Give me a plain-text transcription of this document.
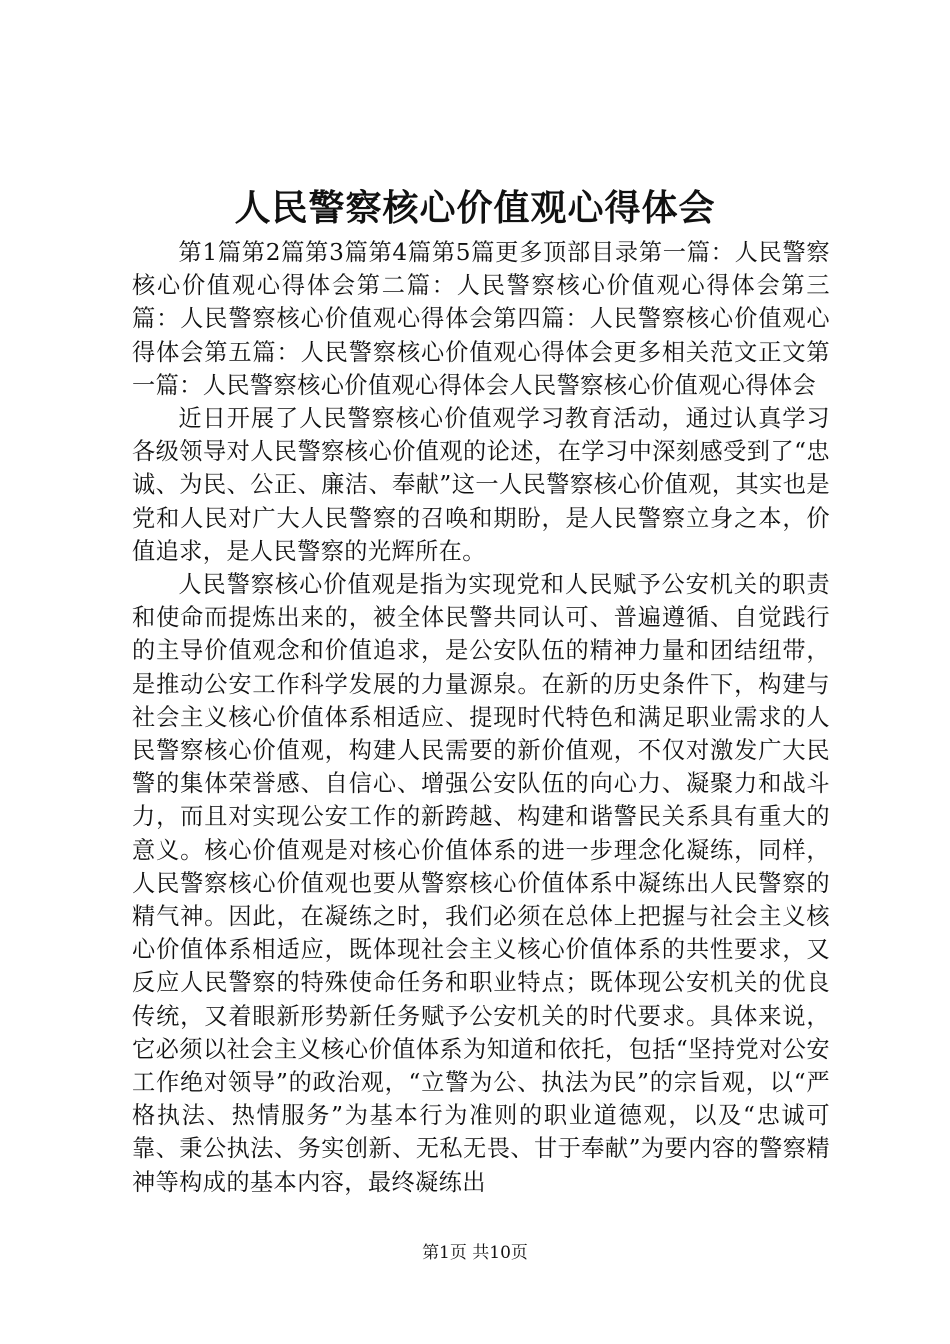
人民警察核心价值观心得体会

第1篇第2篇第3篇第4篇第5篇更多顶部目录第一篇：人民警察核心价值观心得体会第二篇：人民警察核心价值观心得体会第三篇：人民警察核心价值观心得体会第四篇：人民警察核心价值观心得体会第五篇：人民警察核心价值观心得体会更多相关范文正文第一篇：人民警察核心价值观心得体会人民警察核心价值观心得体会

近日开展了人民警察核心价值观学习教育活动，通过认真学习各级领导对人民警察核心价值观的论述，在学习中深刻感受到了“忠诚、为民、公正、廉洁、奉献”这一人民警察核心价值观，其实也是党和人民对广大人民警察的召唤和期盼，是人民警察立身之本，价值追求，是人民警察的光辉所在。

人民警察核心价值观是指为实现党和人民赋予公安机关的职责和使命而提炼出来的，被全体民警共同认可、普遍遵循、自觉践行的主导价值观念和价值追求，是公安队伍的精神力量和团结纽带，是推动公安工作科学发展的力量源泉。在新的历史条件下，构建与社会主义核心价值体系相适应、提现时代特色和满足职业需求的人民警察核心价值观，构建人民需要的新价值观，不仅对激发广大民警的集体荣誉感、自信心、增强公安队伍的向心力、凝聚力和战斗力，而且对实现公安工作的新跨越、构建和谐警民关系具有重大的意义。核心价值观是对核心价值体系的进一步理念化凝练，同样，人民警察核心价值观也要从警察核心价值体系中凝练出人民警察的精气神。因此，在凝练之时，我们必须在总体上把握与社会主义核心价值体系相适应，既体现社会主义核心价值体系的共性要求，又反应人民警察的特殊使命任务和职业特点；既体现公安机关的优良传统，又着眼新形势新任务赋予公安机关的时代要求。具体来说，它必须以社会主义核心价值体系为知道和依托，包括“坚持党对公安工作绝对领导”的政治观，“立警为公、执法为民”的宗旨观，以“严格执法、热情服务”为基本行为准则的职业道德观，以及“忠诚可靠、秉公执法、务实创新、无私无畏、甘于奉献”为要内容的警察精神等构成的基本内容，最终凝练出

第1页 共10页
